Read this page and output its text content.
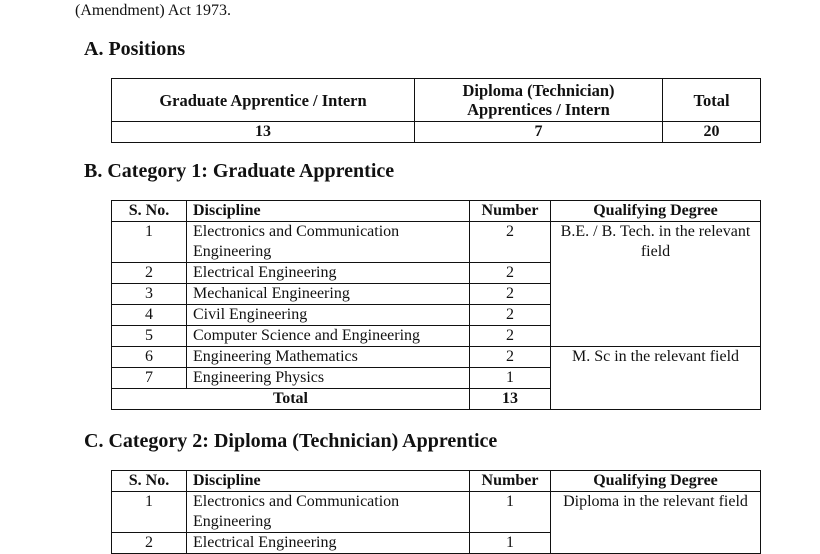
(Amendment) Act 1973.
A. Positions
Graduate Apprentice / Intern	Diploma (Technician) Apprentices / Intern	Total
13	7	20
B. Category 1: Graduate Apprentice
S. No.	Discipline	Number	Qualifying Degree
1	Electronics and Communication Engineering	2	B.E. / B. Tech. in the relevant field
2	Electrical Engineering	2	
3	Mechanical Engineering	2	
4	Civil Engineering	2	
5	Computer Science and Engineering	2	
6	Engineering Mathematics	2	M. Sc in the relevant field
7	Engineering Physics	1	
Total		13	
C. Category 2: Diploma (Technician) Apprentice
S. No.	Discipline	Number	Qualifying Degree
1	Electronics and Communication Engineering	1	Diploma in the relevant field
2	Electrical Engineering	1	
